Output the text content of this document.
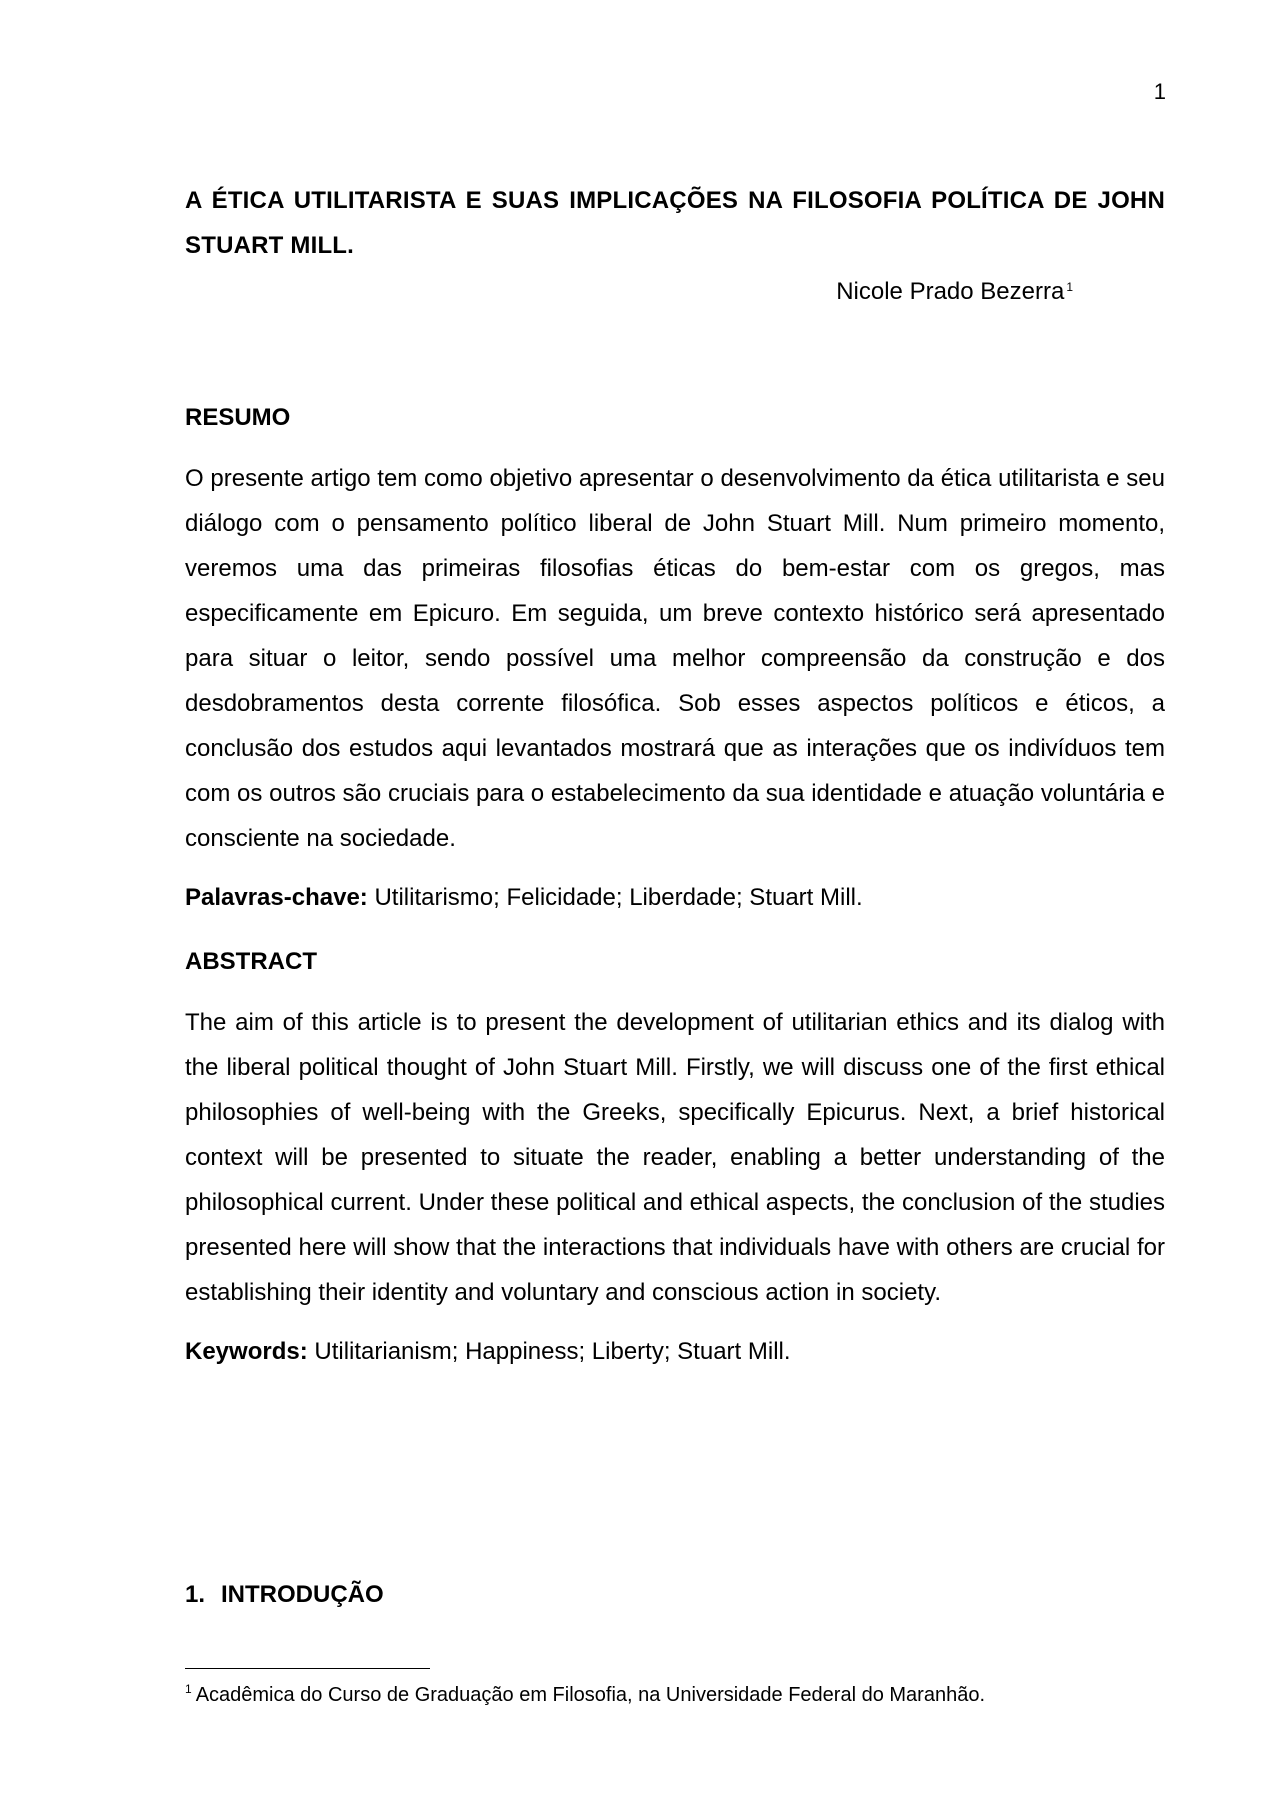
1

A ÉTICA UTILITARISTA E SUAS IMPLICAÇÕES NA FILOSOFIA POLÍTICA DE JOHN STUART MILL.

Nicole Prado Bezerra $^1$
RESUMO

O presente artigo tem como objetivo apresentar o desenvolvimento da ética utilitarista e seu diálogo com o pensamento político liberal de John Stuart Mill. Num primeiro momento, veremos uma das primeiras filosofias éticas do bem-estar com os gregos, mas especificamente em Epicuro. Em seguida, um breve contexto histórico será apresentado para situar o leitor, sendo possível uma melhor compreensão da construção e dos desdobramentos desta corrente filosófica. Sob esses aspectos políticos e éticos, a conclusão dos estudos aqui levantados mostrará que as interações que os indivíduos tem com os outros são cruciais para o estabelecimento da sua identidade e atuação voluntária e consciente na sociedade.

Palavras-chave: Utilitarismo; Felicidade; Liberdade; Stuart Mill.

ABSTRACT

The aim of this article is to present the development of utilitarian ethics and its dialog with the liberal political thought of John Stuart Mill. Firstly, we will discuss one of the first ethical philosophies of well-being with the Greeks, specifically Epicurus. Next, a brief historical context will be presented to situate the reader, enabling a better understanding of the philosophical current. Under these political and ethical aspects, the conclusion of the studies presented here will show that the interactions that individuals have with others are crucial for establishing their identity and voluntary and conscious action in society.

Keywords: Utilitarianism; Happiness; Liberty; Stuart Mill.

1. INTRODUÇÃO
$^1$ Acadêmica do Curso de Graduação em Filosofia, na Universidade Federal do Maranhão.
